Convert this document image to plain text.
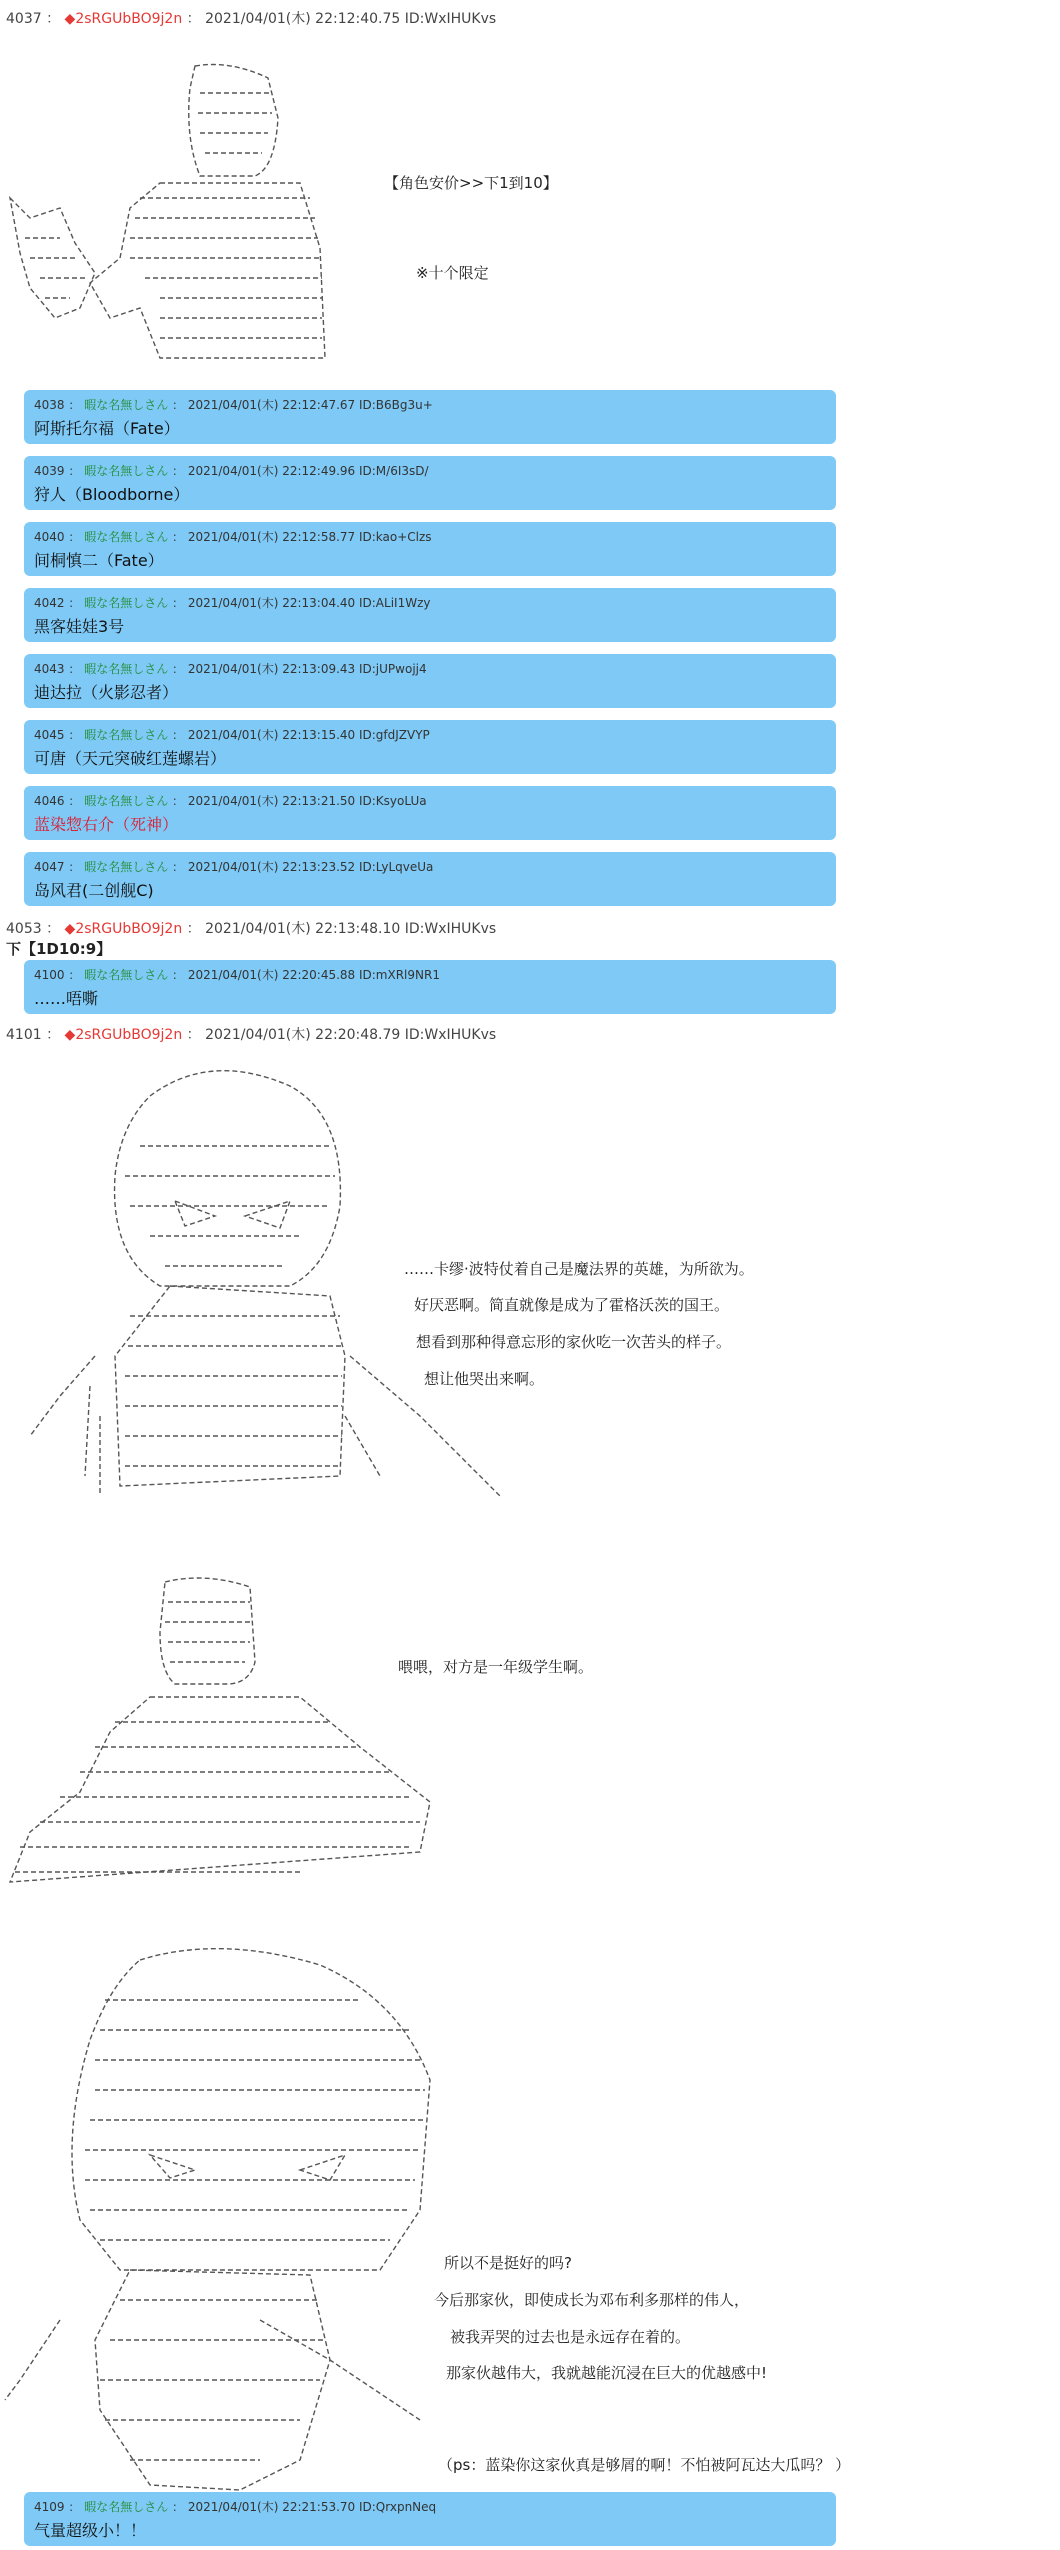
4037 ： ◆2sRGUbBO9j2n ： 2021/04/01(木) 22:12:40.75 ID:WxIHUKvs
【角色安价>>下1到10】
※十个限定
4038 ： 暇な名無しさん ： 2021/04/01(木) 22:12:47.67 ID:B6Bg3u+
阿斯托尔福（Fate）
4039 ： 暇な名無しさん ： 2021/04/01(木) 22:12:49.96 ID:M/6I3sD/
狩人（Bloodborne）
4040 ： 暇な名無しさん ： 2021/04/01(木) 22:12:58.77 ID:kao+Clzs
间桐慎二（Fate）
4042 ： 暇な名無しさん ： 2021/04/01(木) 22:13:04.40 ID:ALiI1Wzy
黑客娃娃3号
4043 ： 暇な名無しさん ： 2021/04/01(木) 22:13:09.43 ID:jUPwojj4
迪达拉（火影忍者）
4045 ： 暇な名無しさん ： 2021/04/01(木) 22:13:15.40 ID:gfdJZVYP
可唐（天元突破红莲螺岩）
4046 ： 暇な名無しさん ： 2021/04/01(木) 22:13:21.50 ID:KsyoLUa
蓝染惣右介（死神）
4047 ： 暇な名無しさん ： 2021/04/01(木) 22:13:23.52 ID:LyLqveUa
岛风君(二创舰C)
4053 ： ◆2sRGUbBO9j2n ： 2021/04/01(木) 22:13:48.10 ID:WxIHUKvs
下【1D10:9】
4100 ： 暇な名無しさん ： 2021/04/01(木) 22:20:45.88 ID:mXRl9NR1
……唔嘶
4101 ： ◆2sRGUbBO9j2n ： 2021/04/01(木) 22:20:48.79 ID:WxIHUKvs
……卡缪·波特仗着自己是魔法界的英雄，为所欲为。
好厌恶啊。简直就像是成为了霍格沃茨的国王。
想看到那种得意忘形的家伙吃一次苦头的样子。
想让他哭出来啊。
喂喂，对方是一年级学生啊。
所以不是挺好的吗?
今后那家伙，即使成长为邓布利多那样的伟人，
被我弄哭的过去也是永远存在着的。
那家伙越伟大，我就越能沉浸在巨大的优越感中!
（ps：蓝染你这家伙真是够屑的啊！不怕被阿瓦达大瓜吗？ ）
4109 ： 暇な名無しさん ： 2021/04/01(木) 22:21:53.70 ID:QrxpnNeq
气量超级小！！
